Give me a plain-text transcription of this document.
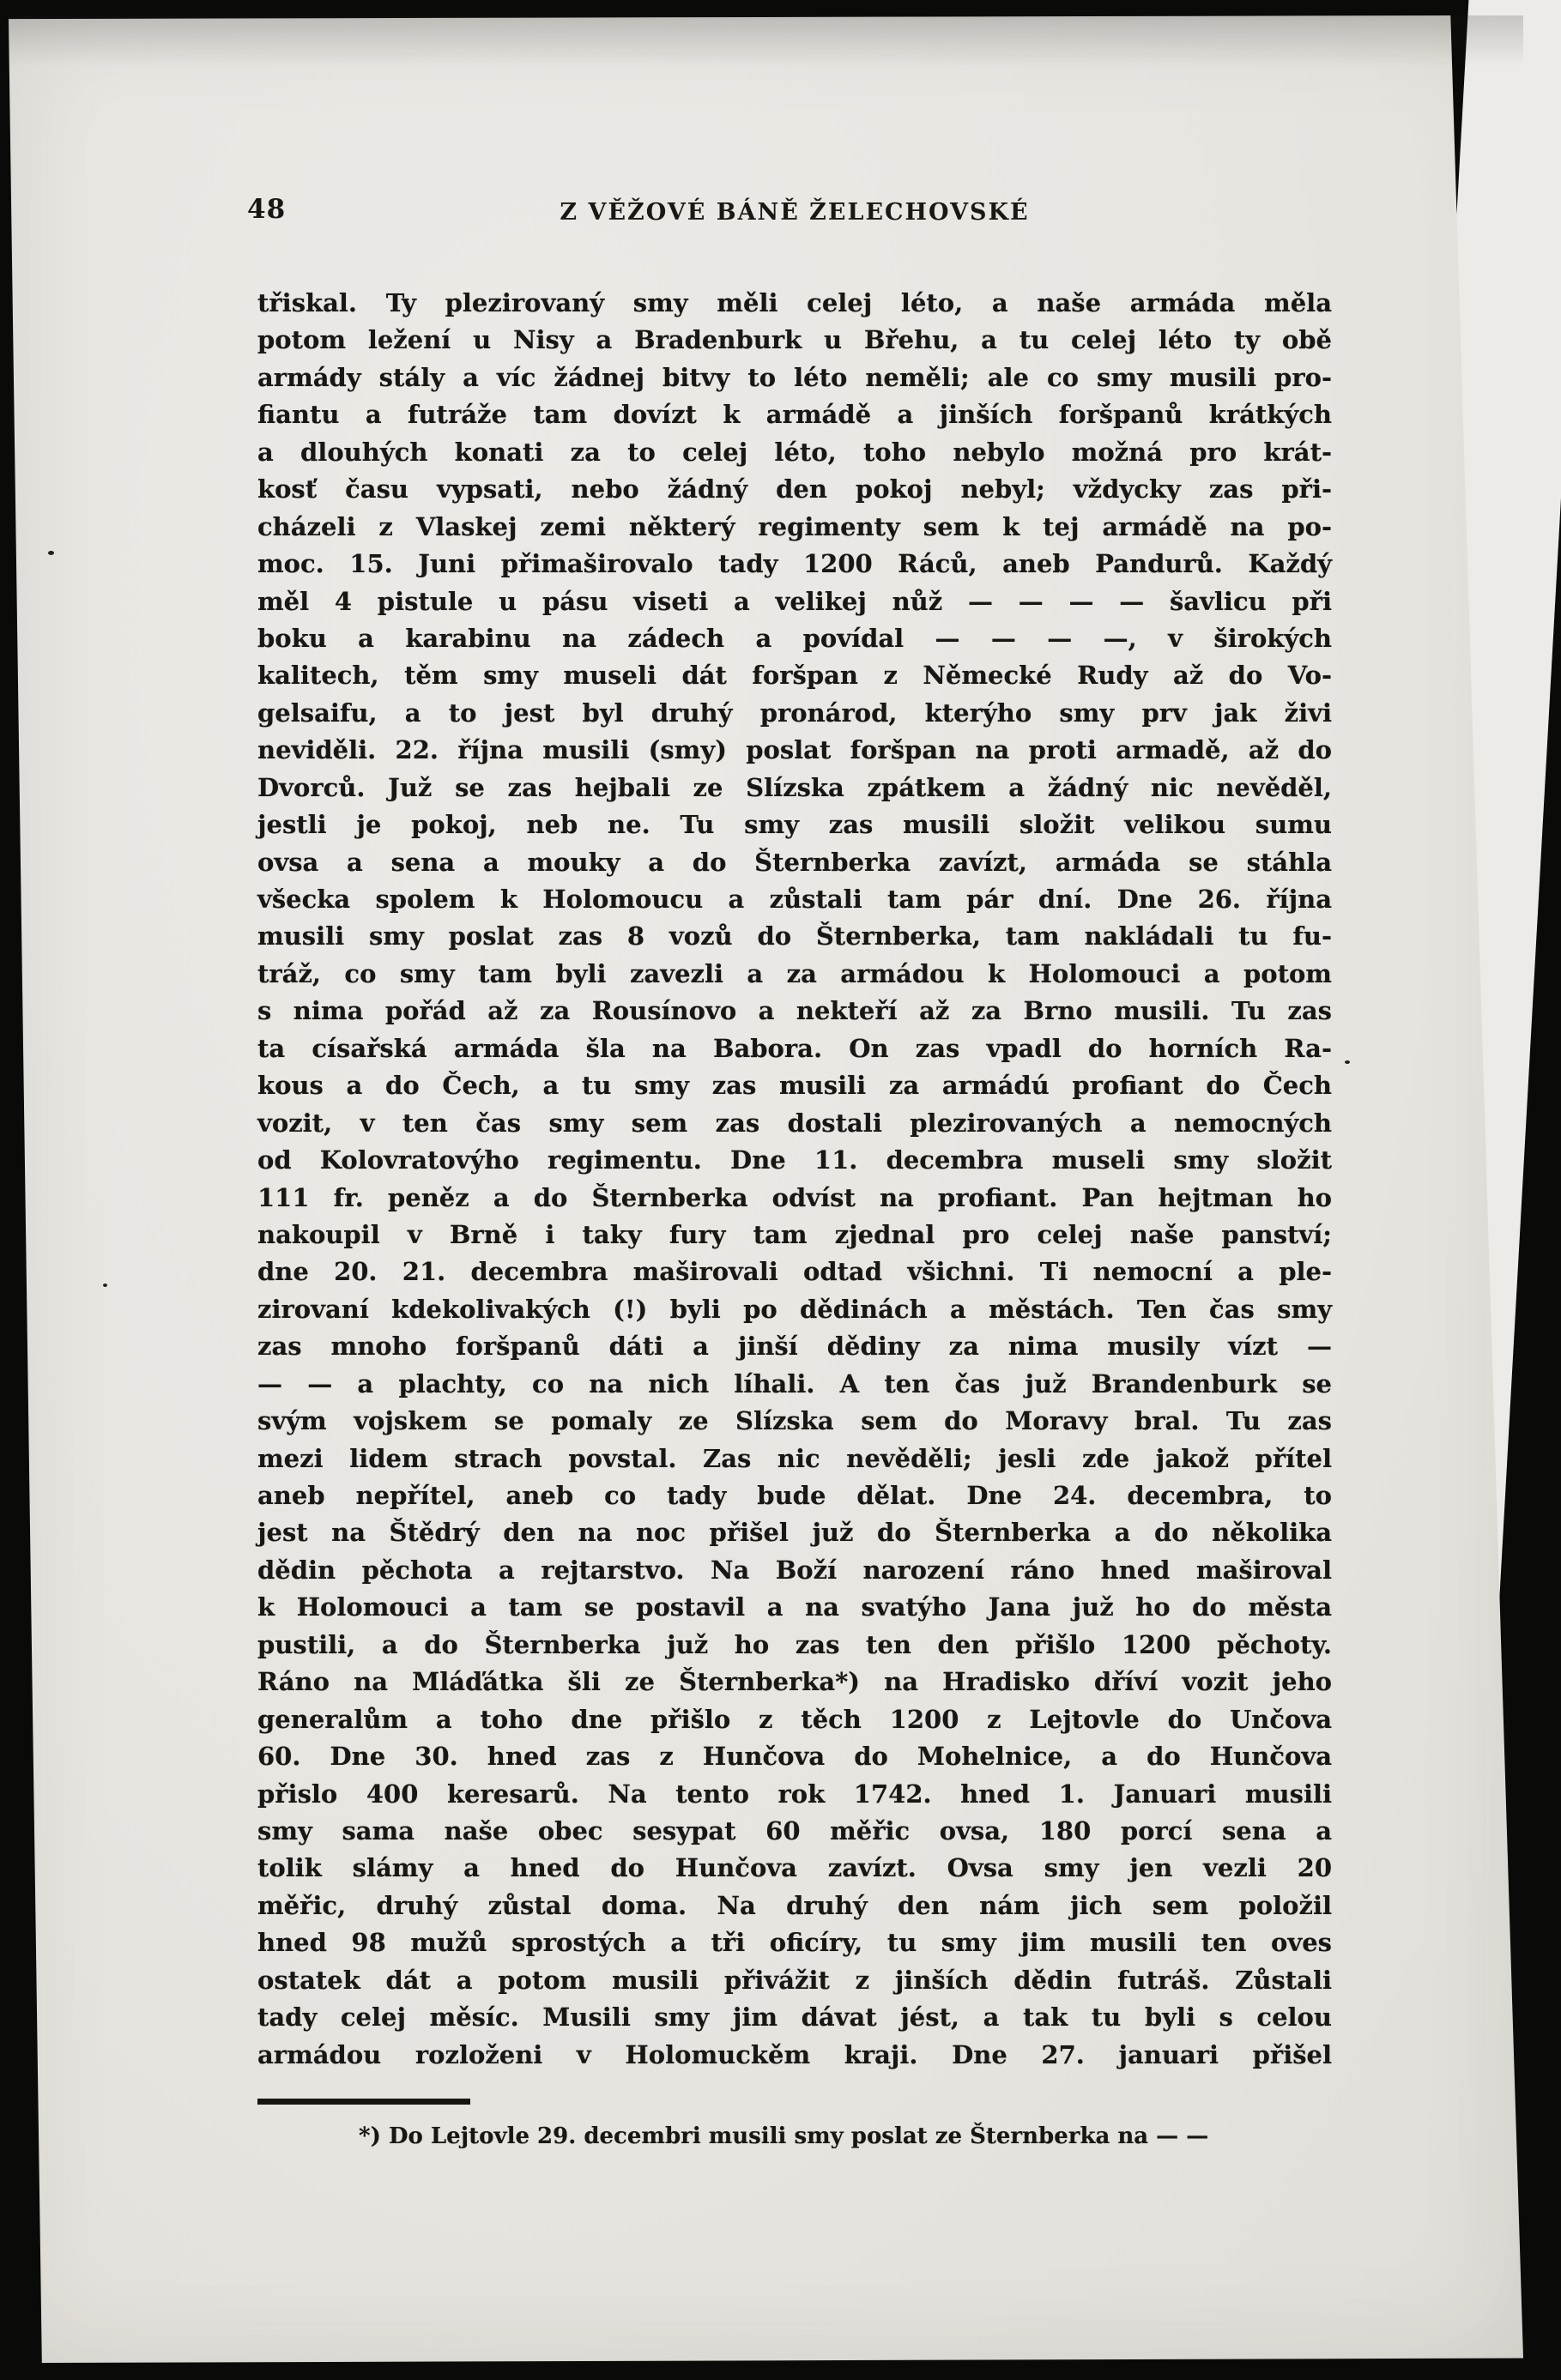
48	Z VĚŽOVÉ BÁNĚ ŽELECHOVSKÉ
třiskal. Ty plezirovaný smy měli celej léto, a naše armáda měla
potom ležení u Nisy a Bradenburk u Břehu, a tu celej léto ty obě
armády stály a víc žádnej bitvy to léto neměli; ale co smy musili pro-
fiantu a futráže tam dovízt k armádě a jinších foršpanů krátkých
a dlouhých konati za to celej léto, toho nebylo možná pro krát-
kosť času vypsati, nebo žádný den pokoj nebyl; vždycky zas při-
cházeli z Vlaskej zemi některý regimenty sem k tej armádě na po-
moc. 15. Juni přimaširovalo tady 1200 Ráců, aneb Pandurů. Každý
měl 4 pistule u pásu viseti a velikej nůž — — — — šavlicu při
boku a karabinu na zádech a povídal — — — —, v širokých
kalitech, těm smy museli dát foršpan z Německé Rudy až do Vo-
gelsaifu, a to jest byl druhý pronárod, kterýho smy prv jak živi
neviděli. 22. října musili (smy) poslat foršpan na proti armadě, až do
Dvorců. Juž se zas hejbali ze Slízska zpátkem a žádný nic nevěděl,
jestli je pokoj, neb ne. Tu smy zas musili složit velikou sumu
ovsa a sena a mouky a do Šternberka zavízt, armáda se stáhla
všecka spolem k Holomoucu a zůstali tam pár dní. Dne 26. října
musili smy poslat zas 8 vozů do Šternberka, tam nakládali tu fu-
tráž, co smy tam byli zavezli a za armádou k Holomouci a potom
s nima pořád až za Rousínovo a nekteří až za Brno musili. Tu zas
ta císařská armáda šla na Babora. On zas vpadl do horních Ra-
kous a do Čech, a tu smy zas musili za armádú profiant do Čech
vozit, v ten čas smy sem zas dostali plezirovaných a nemocných
od Kolovratovýho regimentu. Dne 11. decembra museli smy složit
111 fr. peněz a do Šternberka odvíst na profiant. Pan hejtman ho
nakoupil v Brně i taky fury tam zjednal pro celej naše panství;
dne 20. 21. decembra maširovali odtad všichni. Ti nemocní a ple-
zirovaní kdekolivakých (!) byli po dědinách a městách. Ten čas smy
zas mnoho foršpanů dáti a jinší dědiny za nima musily vízt —
— — a plachty, co na nich líhali. A ten čas juž Brandenburk se
svým vojskem se pomaly ze Slízska sem do Moravy bral. Tu zas
mezi lidem strach povstal. Zas nic nevěděli; jesli zde jakož přítel
aneb nepřítel, aneb co tady bude dělat. Dne 24. decembra, to
jest na Štědrý den na noc přišel juž do Šternberka a do několika
dědin pěchota a rejtarstvo. Na Boží narození ráno hned maširoval
k Holomouci a tam se postavil a na svatýho Jana juž ho do města
pustili, a do Šternberka juž ho zas ten den přišlo 1200 pěchoty.
Ráno na Mláďátka šli ze Šternberka*) na Hradisko dříví vozit jeho
generalům a toho dne přišlo z těch 1200 z Lejtovle do Unčova
60. Dne 30. hned zas z Hunčova do Mohelnice, a do Hunčova
přislo 400 keresarů. Na tento rok 1742. hned 1. Januari musili
smy sama naše obec sesypat 60 měřic ovsa, 180 porcí sena a
tolik slámy a hned do Hunčova zavízt. Ovsa smy jen vezli 20
měřic, druhý zůstal doma. Na druhý den nám jich sem položil
hned 98 mužů sprostých a tři oficíry, tu smy jim musili ten oves
ostatek dát a potom musili přivážit z jinších dědin futráš. Zůstali
tady celej měsíc. Musili smy jim dávat jést, a tak tu byli s celou
armádou rozloženi v Holomuckěm kraji. Dne 27. januari přišel
*) Do Lejtovle 29. decembri musili smy poslat ze Šternberka na — —
